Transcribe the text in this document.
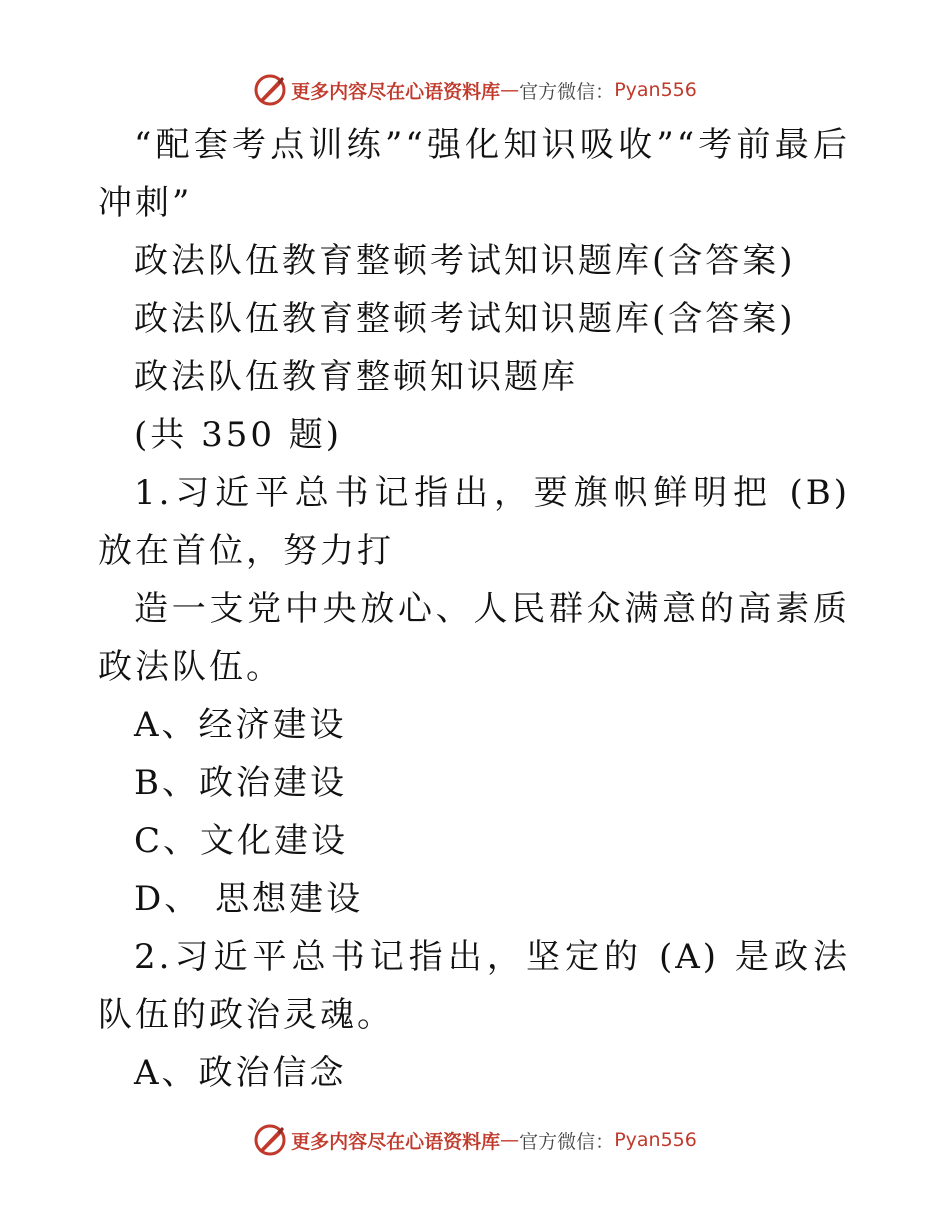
更多内容尽在心语资料库 — 官方微信： Pyan556

“配套考点训练”“强化知识吸收”“考前最后冲刺”

政法队伍教育整顿考试知识题库(含答案)

政法队伍教育整顿考试知识题库(含答案)

政法队伍教育整顿知识题库

(共 350 题)

1.习近平总书记指出，要旗帜鲜明把 (B) 放在首位，努力打

造一支党中央放心、人民群众满意的高素质政法队伍。

A、经济建设

B、政治建设

C、文化建设

D、 思想建设

2.习近平总书记指出，坚定的 (A) 是政法队伍的政治灵魂。

A、政治信念

更多内容尽在心语资料库 — 官方微信： Pyan556
